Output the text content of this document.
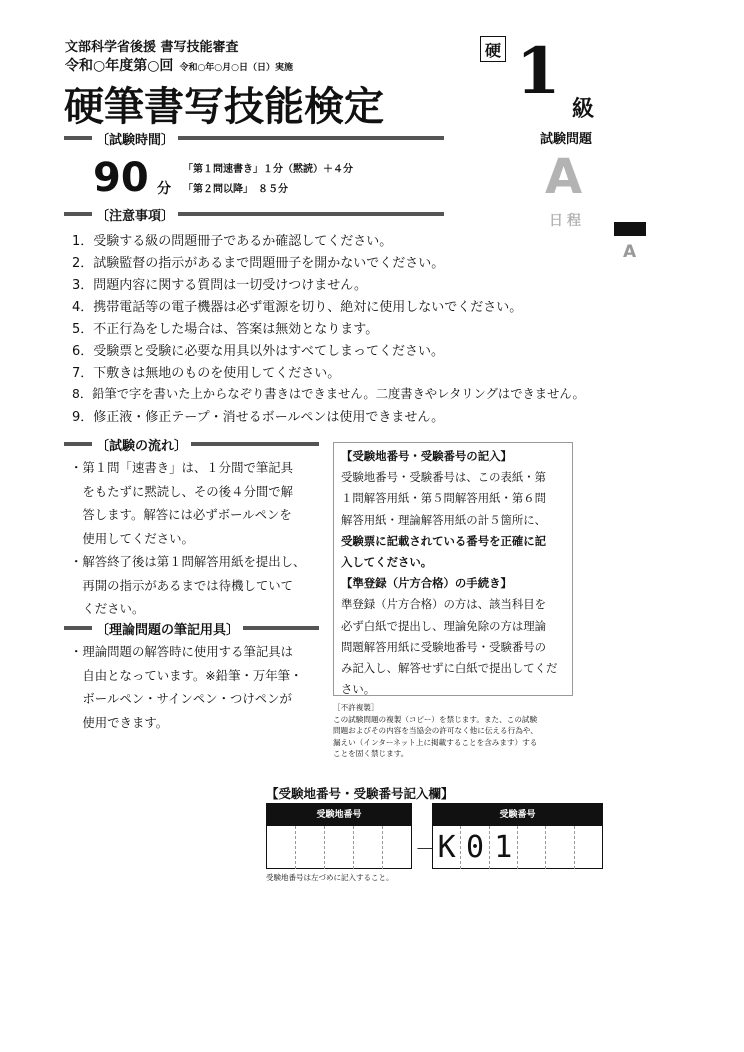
文部科学省後援 書写技能審査
令和○年度第○回 令和○年○月○日（日）実施
硬筆書写技能検定
硬 1
級
試験問題
A
日程
A
〔試験時間〕
90 分
「第１問速書き」１分（黙読）＋４分
「第２問以降」　８５分
〔注意事項〕
1．受験する級の問題冊子であるか確認してください。
2．試験監督の指示があるまで問題冊子を開かないでください。
3．問題内容に関する質問は一切受けつけません。
4．携帯電話等の電子機器は必ず電源を切り、絶対に使用しないでください。
5．不正行為をした場合は、答案は無効となります。
6．受験票と受験に必要な用具以外はすべてしまってください。
7．下敷きは無地のものを使用してください。
8．鉛筆で字を書いた上からなぞり書きはできません。二度書きやレタリングはできません。
9．修正液・修正テープ・消せるボールペンは使用できません。
〔試験の流れ〕
・第１問「速書き」は、１分間で筆記具
　をもたずに黙読し、その後４分間で解
　答します。解答には必ずボールペンを
　使用してください。
・解答終了後は第１問解答用紙を提出し、
　再開の指示があるまでは待機していて
　ください。
〔理論問題の筆記用具〕
・理論問題の解答時に使用する筆記具は
　自由となっています。※鉛筆・万年筆・
　ボールペン・サインペン・つけペンが
　使用できます。
【受験地番号・受験番号の記入】
受験地番号・受験番号は、この表紙・第
１問解答用紙・第５問解答用紙・第６問
解答用紙・理論解答用紙の計５箇所に、
受験票に記載されている番号を正確に記
入してください。
【準登録（片方合格）の手続き】
準登録（片方合格）の方は、該当科目を
必ず白紙で提出し、理論免除の方は理論
問題解答用紙に受験地番号・受験番号の
み記入し、解答せずに白紙で提出してくだ
さい。
［不許複製］
この試験問題の複製（コピー）を禁じます。また、この試験
問題およびその内容を当協会の許可なく他に伝える行為や、
漏えい（インターネット上に掲載することを含みます）する
ことを固く禁じます。
【受験地番号・受験番号記入欄】
受験地番号
－
受験番号
K 0 1
受験地番号は左づめに記入すること。
